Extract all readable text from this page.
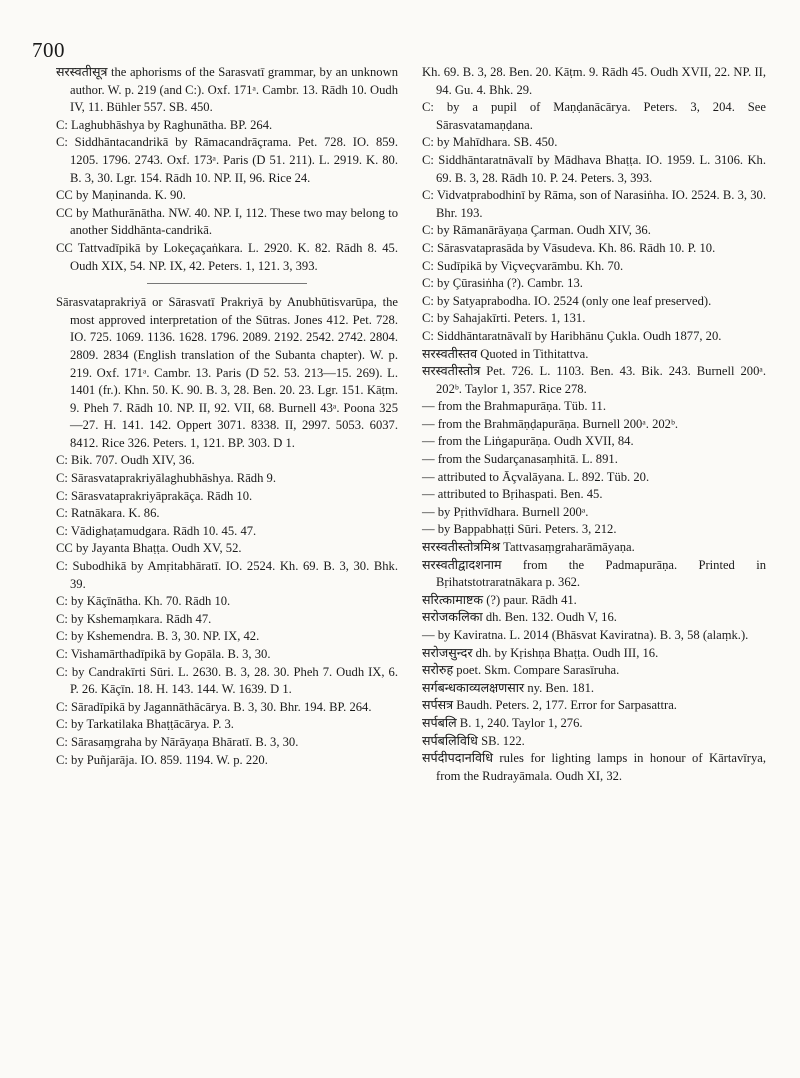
700

सरस्वतीसूत्र the aphorisms of the Sarasvatī grammar, by an unknown author. W. p. 219 (and C:). Oxf. 171ᵃ. Cambr. 13. Rādh 10. Oudh IV, 11. Bühler 557. SB. 450.

C: Laghubhāshya by Raghunātha. BP. 264.

C: Siddhāntacandrikā by Rāmacandrāçrama. Pet. 728. IO. 859. 1205. 1796. 2743. Oxf. 173ᵃ. Paris (D 51. 211). L. 2919. K. 80. B. 3, 30. Lgr. 154. Rādh 10. NP. II, 96. Rice 24.

CC by Maṇinanda. K. 90.

CC by Mathurānātha. NW. 40. NP. I, 112. These two may belong to another Siddhānta-candrikā.

CC Tattvadīpikā by Lokeçaçaṅkara. L. 2920. K. 82. Rādh 8. 45. Oudh XIX, 54. NP. IX, 42. Peters. 1, 121. 3, 393.

Sārasvataprakriyā or Sārasvatī Prakriyā by Anubhūtisvarūpa, the most approved interpretation of the Sūtras. Jones 412. Pet. 728. IO. 725. 1069. 1136. 1628. 1796. 2089. 2192. 2542. 2742. 2804. 2809. 2834 (English translation of the Subanta chapter). W. p. 219. Oxf. 171ᵃ. Cambr. 13. Paris (D 52. 53. 213—15. 269). L. 1401 (fr.). Khn. 50. K. 90. B. 3, 28. Ben. 20. 23. Lgr. 151. Kāṭm. 9. Pheh 7. Rādh 10. NP. II, 92. VII, 68. Burnell 43ᵃ. Poona 325—27. H. 141. 142. Oppert 3071. 8338. II, 2997. 5053. 6037. 8412. Rice 326. Peters. 1, 121. BP. 303. D 1.

C: Bik. 707. Oudh XIV, 36.

C: Sārasvataprakriyālaghubhāshya. Rādh 9.

C: Sārasvataprakriyāprakāça. Rādh 10.

C: Ratnākara. K. 86.

C: Vādighaṭamudgara. Rādh 10. 45. 47.

CC by Jayanta Bhaṭṭa. Oudh XV, 52.

C: Subodhikā by Amṛitabhāratī. IO. 2524. Kh. 69. B. 3, 30. Bhk. 39.

C: by Kāçīnātha. Kh. 70. Rādh 10.

C: by Kshemaṃkara. Rādh 47.

C: by Kshemendra. B. 3, 30. NP. IX, 42.

C: Vishamārthadīpikā by Gopāla. B. 3, 30.

C: by Candrakīrti Sūri. L. 2630. B. 3, 28. 30. Pheh 7. Oudh IX, 6. P. 26. Kāçīn. 18. H. 143. 144. W. 1639. D 1.

C: Sāradīpikā by Jagannāthācārya. B. 3, 30. Bhr. 194. BP. 264.

C: by Tarkatilaka Bhaṭṭācārya. P. 3.

C: Sārasaṃgraha by Nārāyaṇa Bhāratī. B. 3, 30.

C: by Puñjarāja. IO. 859. 1194. W. p. 220.

Kh. 69. B. 3, 28. Ben. 20. Kāṭm. 9. Rādh 45. Oudh XVII, 22. NP. II, 94. Gu. 4. Bhk. 29.

C: by a pupil of Maṇḍanācārya. Peters. 3, 204. See Sārasvatamaṇḍana.

C: by Mahīdhara. SB. 450.

C: Siddhāntaratnāvalī by Mādhava Bhaṭṭa. IO. 1959. L. 3106. Kh. 69. B. 3, 28. Rādh 10. P. 24. Peters. 3, 393.

C: Vidvatprabodhinī by Rāma, son of Narasiṅha. IO. 2524. B. 3, 30. Bhr. 193.

C: by Rāmanārāyaṇa Çarman. Oudh XIV, 36.

C: Sārasvataprasāda by Vāsudeva. Kh. 86. Rādh 10. P. 10.

C: Sudīpikā by Viçveçvarāmbu. Kh. 70.

C: by Çūrasiṅha (?). Cambr. 13.

C: by Satyaprabodha. IO. 2524 (only one leaf preserved).

C: by Sahajakīrti. Peters. 1, 131.

C: Siddhāntaratnāvalī by Haribhānu Çukla. Oudh 1877, 20.

सरस्वतीस्तव Quoted in Tithitattva.

सरस्वतीस्तोत्र Pet. 726. L. 1103. Ben. 43. Bik. 243. Burnell 200ᵃ. 202ᵇ. Taylor 1, 357. Rice 278.

— from the Brahmapurāṇa. Tüb. 11.

— from the Brahmāṇḍapurāṇa. Burnell 200ᵃ. 202ᵇ.

— from the Liṅgapurāṇa. Oudh XVII, 84.

— from the Sudarçanasaṃhitā. L. 891.

— attributed to Āçvalāyana. L. 892. Tüb. 20.

— attributed to Bṛihaspati. Ben. 45.

— by Pṛithvīdhara. Burnell 200ᵃ.

— by Bappabhaṭṭi Sūri. Peters. 3, 212.

सरस्वतीस्तोत्रमिश्र Tattvasaṃgraharāmāyaṇa.

सरस्वतीद्वादशनाम from the Padmapurāṇa. Printed in Bṛihatstotraratnākara p. 362.

सरित्कामाष्टक (?) paur. Rādh 41.

सरोजकलिका dh. Ben. 132. Oudh V, 16.

— by Kaviratna. L. 2014 (Bhāsvat Kaviratna). B. 3, 58 (alaṃk.).

सरोजसुन्दर dh. by Kṛishṇa Bhaṭṭa. Oudh III, 16.

सरोरुह poet. Skm. Compare Sarasīruha.

सर्गबन्धकाव्यलक्षणसार ny. Ben. 181.

सर्पसत्र Baudh. Peters. 2, 177. Error for Sarpasattra.

सर्पबलि B. 1, 240. Taylor 1, 276.

सर्पबलिविधि SB. 122.

सर्पदीपदानविधि rules for lighting lamps in honour of Kārtavīrya, from the Rudrayāmala. Oudh XI, 32.
